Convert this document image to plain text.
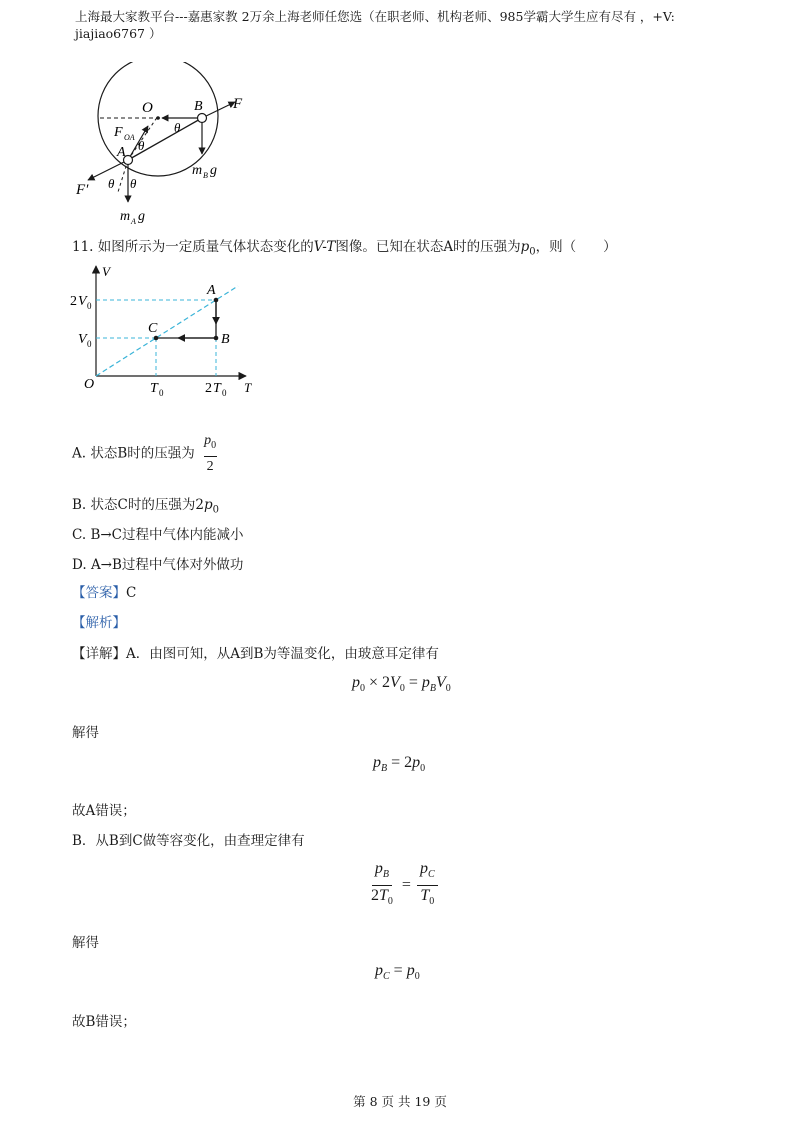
上海最大家教平台---嘉惠家教 2万余上海老师任您选（在职老师、机构老师、985学霸大学生应有尽有 ，+V:
jiajiao6767 ）
O	B F
F OA
θ
θ
A
m B g
F′ θ θ
m A g
11. 如图所示为一定质量气体状态变化的V-T图像。已知在状态A时的压强为$p_0$，则（　　）
V
T
O
2 V 0
V 0
T 0	2 T 0
A
B
C
A. 状态B时的压强为 $\frac{p_0}{2}$
B. 状态C时的压强为$2p_0$
C. B→C过程中气体内能减小
D. A→B过程中气体对外做功
【答案】C
【解析】
【详解】A．由图可知，从A到B为等温变化，由玻意耳定律有
$p_0 \times 2V_0 = p_BV_0$
解得
$p_B = 2p_0$
故A错误；
B．从B到C做等容变化，由查理定律有
$\frac{p_B}{2T_0} = \frac{p_C}{T_0}$
解得
$p_C = p_0$
故B错误；
第 8 页 共 19 页
